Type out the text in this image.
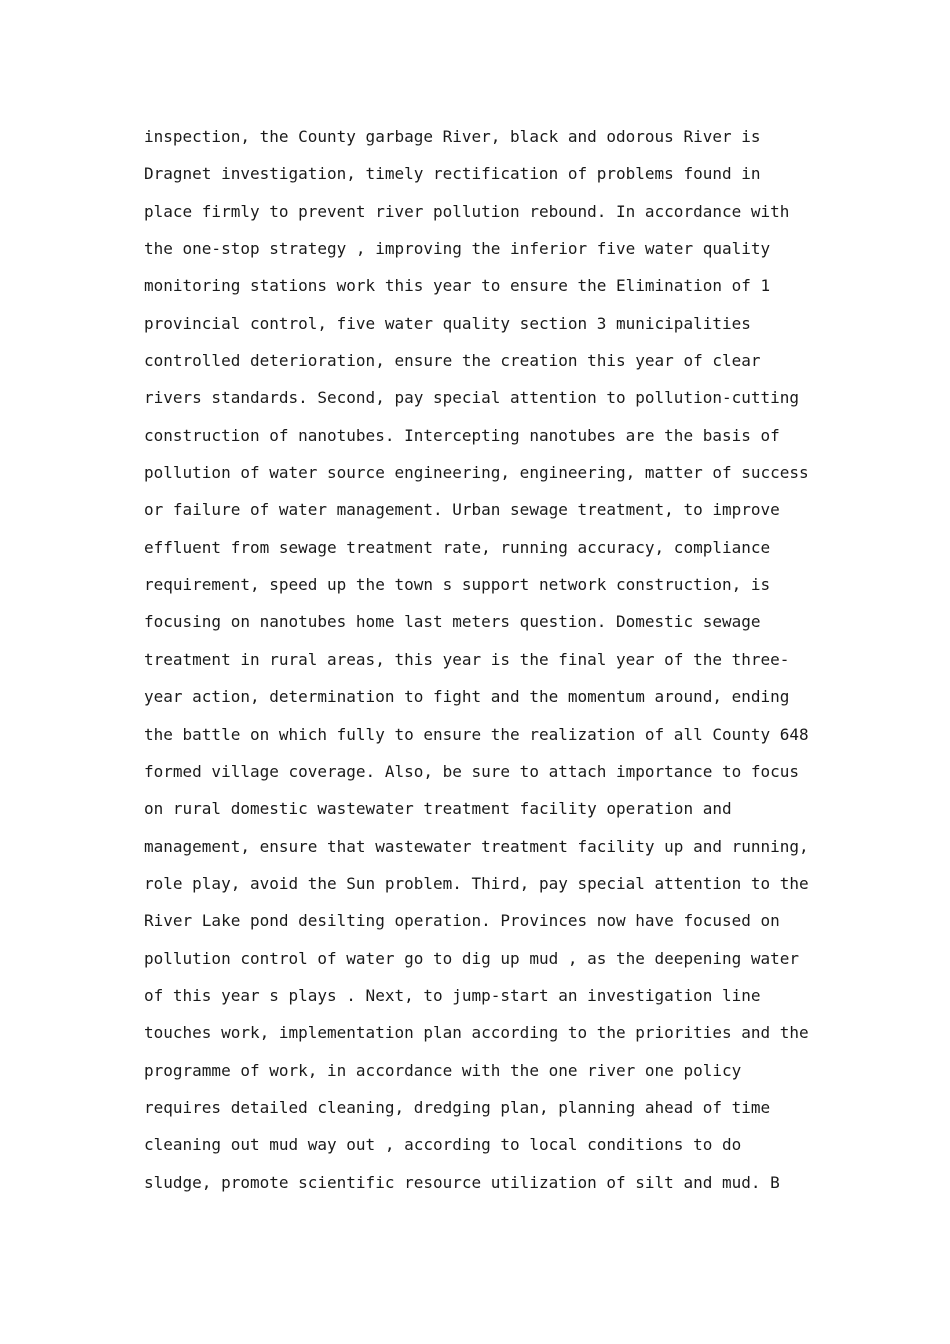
inspection, the County garbage River, black and odorous River is
Dragnet investigation, timely rectification of problems found in
place firmly to prevent river pollution rebound. In accordance with
the one-stop strategy , improving the inferior five water quality
monitoring stations work this year to ensure the Elimination of 1
provincial control, five water quality section 3 municipalities
controlled deterioration, ensure the creation this year of clear
rivers standards. Second, pay special attention to pollution-cutting
construction of nanotubes. Intercepting nanotubes are the basis of
pollution of water source engineering, engineering, matter of success
or failure of water management. Urban sewage treatment, to improve
effluent from sewage treatment rate, running accuracy, compliance
requirement, speed up the town s support network construction, is
focusing on nanotubes home last meters question. Domestic sewage
treatment in rural areas, this year is the final year of the three-
year action, determination to fight and the momentum around, ending
the battle on which fully to ensure the realization of all County 648
formed village coverage. Also, be sure to attach importance to focus
on rural domestic wastewater treatment facility operation and
management, ensure that wastewater treatment facility up and running,
role play, avoid the Sun problem. Third, pay special attention to the
River Lake pond desilting operation. Provinces now have focused on
pollution control of water go to dig up mud , as the deepening water
of this year s plays . Next, to jump-start an investigation line
touches work, implementation plan according to the priorities and the
programme of work, in accordance with the one river one policy
requires detailed cleaning, dredging plan, planning ahead of time
cleaning out mud way out , according to local conditions to do
sludge, promote scientific resource utilization of silt and mud. B
